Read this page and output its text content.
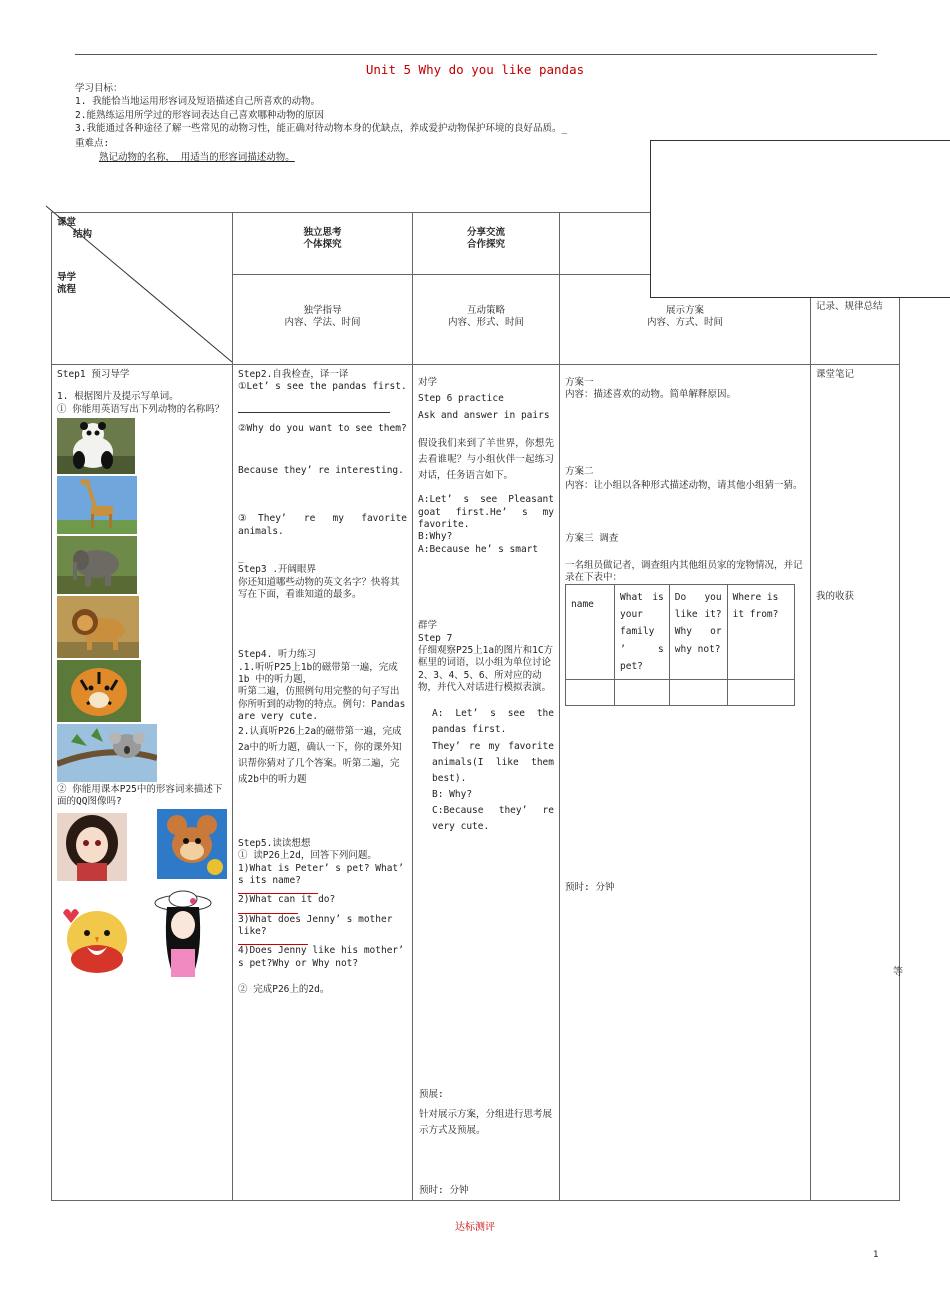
Unit 5 Why do you like pandas

学习目标：

1. 我能恰当地运用形容词及短语描述自己所喜欢的动物。

2.能熟练运用所学过的形容词表达自己喜欢哪种动物的原因

3.我能通过各种途径了解一些常见的动物习性，能正确对待动物本身的优缺点，养成爱护动物保护环境的良好品质。_

重难点:

熟记动物的名称， 用适当的形容词描述动物。

课堂
结构
导学
流程

独立思考
个体探究

分享交流
合作探究

独学指导
内容、学法、时间

互动策略
内容、形式、时间

展示方案
内容、方式、时间

记录、规律总结

Step1 预习导学

1. 根据图片及提示写单词。

① 你能用英语写出下列动物的名称吗？

② 你能用课本P25中的形容词来描述下面的QQ图像吗?

Step2.自我检查，译一译

①Let’ s see the pandas first.

②Why do you want to see them?

Because they’ re interesting.

③They’ re my favorite animals.

_

Step3 .开阔眼界

你还知道哪些动物的英文名字？快将其写在下面，看谁知道的最多。

Step4. 听力练习

.1.听听P25上1b的磁带第一遍，完成1b 中的听力题，

听第二遍，仿照例句用完整的句子写出你所听到的动物的特点。例句：Pandas are very cute.

2.认真听P26上2a的磁带第一遍，完成2a中的听力题，确认一下，你的课外知识帮你猜对了几个答案。听第二遍，完成2b中的听力题

Step5.读读想想

① 读P26上2d，回答下列问题。

1)What is Peter’ s pet? What’ s its name?

2)What can it do?

3)What does Jenny’ s mother like?

4)Does Jenny like his mother’ s pet?Why or Why not?

② 完成P26上的2d。

对学

Step 6 practice

Ask and answer in pairs

假设我们来到了羊世界，你想先去看谁呢？与小组伙伴一起练习对话，任务语言如下。

A:Let’ s see Pleasant goat first.He’ s my favorite.

B:Why?

A:Because he’ s smart

群学

Step 7

仔细观察P25上1a的图片和1C方框里的词语，以小组为单位讨论2、3、4、5、6、所对应的动物，并代入对话进行模拟表演。

A: Let’ s see the pandas first.

They’ re my favorite animals(I like them best).

B: Why?

C:Because they’ re very cute.

预展:

针对展示方案，分组进行思考展示方式及预展。

预时: 分钟

方案一

内容：描述喜欢的动物。简单解释原因。

方案二

内容：让小组以各种形式描述动物，请其他小组猜一猜。

方案三 调查

一名组员做记者，调查组内其他组员家的宠物情况，并记录在下表中：

name	What is your family ’ s pet?	Do you like it? Why or why not?	Where is it from?

预时: 分钟

课堂笔记

我的收获

等
达标测评
1
